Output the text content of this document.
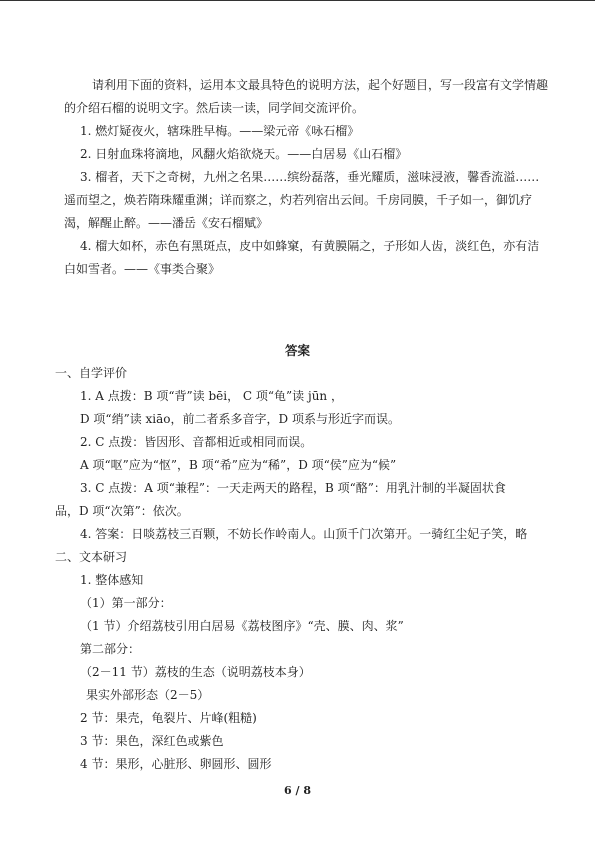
请利用下面的资料，运用本文最具特色的说明方法，起个好题目，写一段富有文学情趣
的介绍石榴的说明文字。然后读一读，同学间交流评价。
1. 燃灯疑夜火，辖珠胜早梅。——梁元帝《咏石榴》
2. 日射血珠将滴地，风翻火焰欲烧天。——白居易《山石榴》
3. 榴者，天下之奇树，九州之名果……缤纷磊落，垂光耀质，滋味浸液，馨香流溢……
遥而望之，焕若隋珠耀重渊；详而察之，灼若列宿出云间。千房同膜，千子如一，御饥疗
渴，解醒止醉。——潘岳《安石榴赋》
4. 榴大如杯，赤色有黑斑点，皮中如蜂窠，有黄膜隔之，子形如人齿，淡红色，亦有洁
白如雪者。——《事类合聚》
答案
一、自学评价
1. A 点拨：B 项“背”读 bēi， C 项“龟”读 jūn ，
D 项“绡”读 xiāo，前二者系多音字，D 项系与形近字而误。
2. C 点拨：皆因形、音都相近或相同而误。
A 项“呕”应为“怄”，B 项“希”应为“稀”，D 项“侯”应为“候”
3. C 点拨：A 项“兼程”：一天走两天的路程，B 项“酪”：用乳汁制的半凝固状食
品，D 项“次第”：依次。
4. 答案：日啖荔枝三百颗，不妨长作岭南人。山顶千门次第开。一骑红尘妃子笑，略
二、文本研习
1. 整体感知
（1）第一部分：
（1 节）介绍荔枝引用白居易《荔枝图序》“壳、膜、肉、浆”
第二部分：
（2－11 节）荔枝的生态（说明荔枝本身）
果实外部形态（2－5）
2 节：果壳，龟裂片、片峰(粗糙)
3 节：果色，深红色或紫色
4 节：果形，心脏形、卵圆形、圆形
6 / 8
